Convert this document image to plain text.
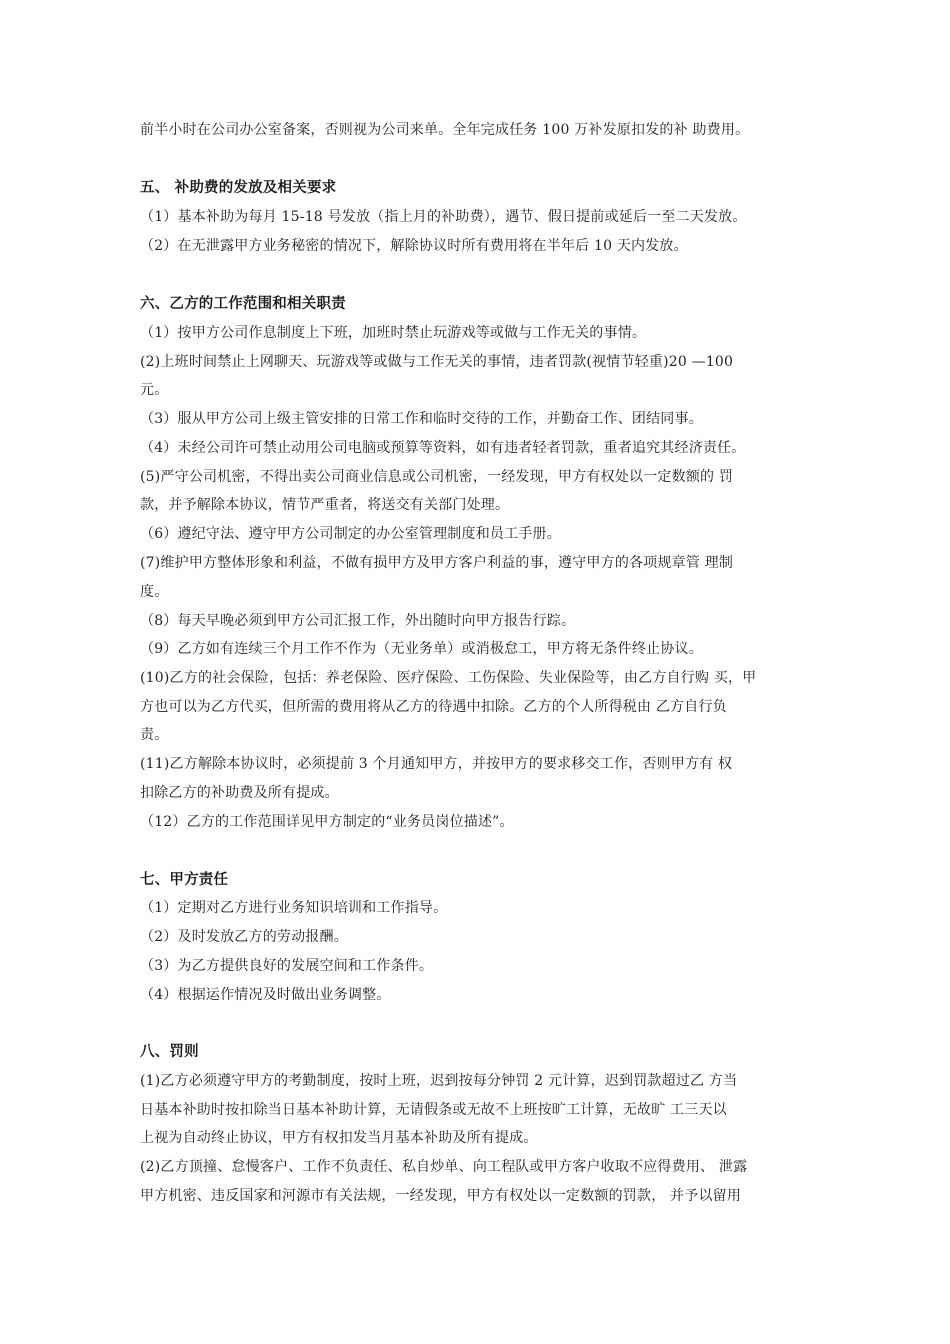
前半小时在公司办公室备案，否则视为公司来单。全年完成任务 100 万补发原扣发的补 助费用。
五、 补助费的发放及相关要求
（1）基本补助为每月 15-18 号发放（指上月的补助费），遇节、假日提前或延后一至二天发放。
（2）在无泄露甲方业务秘密的情况下，解除协议时所有费用将在半年后 10 天内发放。
六、乙方的工作范围和相关职责
（1）按甲方公司作息制度上下班，加班时禁止玩游戏等或做与工作无关的事情。
(2)上班时间禁止上网聊天、玩游戏等或做与工作无关的事情，违者罚款(视情节轻重)20 —100
元。
（3）服从甲方公司上级主管安排的日常工作和临时交待的工作，并勤奋工作、团结同事。
（4）未经公司许可禁止动用公司电脑或预算等资料，如有违者轻者罚款，重者追究其经济责任。
(5)严守公司机密，不得出卖公司商业信息或公司机密，一经发现，甲方有权处以一定数额的 罚
款，并予解除本协议，情节严重者，将送交有关部门处理。
（6）遵纪守法、遵守甲方公司制定的办公室管理制度和员工手册。
(7)维护甲方整体形象和利益，不做有损甲方及甲方客户利益的事，遵守甲方的各项规章管 理制
度。
（8）每天早晚必须到甲方公司汇报工作，外出随时向甲方报告行踪。
（9）乙方如有连续三个月工作不作为（无业务单）或消极怠工，甲方将无条件终止协议。
(10)乙方的社会保险，包括：养老保险、医疗保险、工伤保险、失业保险等，由乙方自行购 买，甲
方也可以为乙方代买，但所需的费用将从乙方的待遇中扣除。乙方的个人所得税由 乙方自行负
责。
(11)乙方解除本协议时，必须提前 3 个月通知甲方，并按甲方的要求移交工作，否则甲方有 权
扣除乙方的补助费及所有提成。
（12）乙方的工作范围详见甲方制定的“业务员岗位描述”。
七、甲方责任
（1）定期对乙方进行业务知识培训和工作指导。
（2）及时发放乙方的劳动报酬。
（3）为乙方提供良好的发展空间和工作条件。
（4）根据运作情况及时做出业务调整。
八、罚则
(1)乙方必须遵守甲方的考勤制度，按时上班，迟到按每分钟罚 2 元计算，迟到罚款超过乙 方当
日基本补助时按扣除当日基本补助计算，无请假条或无故不上班按旷工计算，无故旷 工三天以
上视为自动终止协议，甲方有权扣发当月基本补助及所有提成。
(2)乙方顶撞、怠慢客户、工作不负责任、私自炒单、向工程队或甲方客户收取不应得费用、 泄露
甲方机密、违反国家和河源市有关法规，一经发现，甲方有权处以一定数额的罚款， 并予以留用
